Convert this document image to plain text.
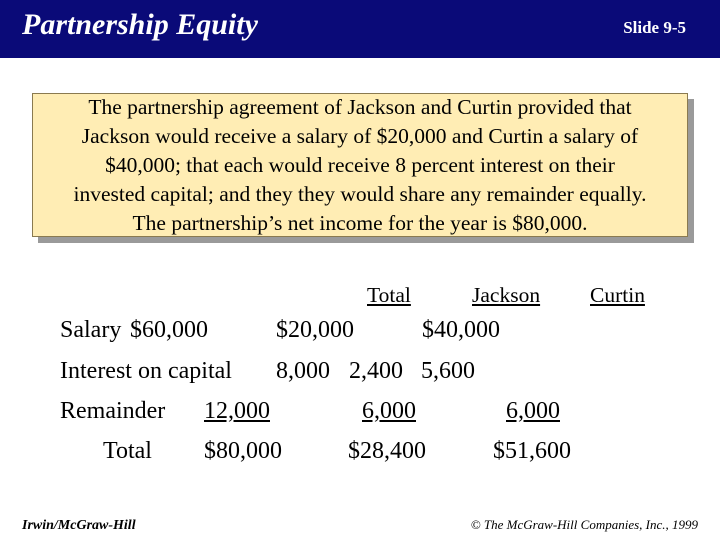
Partnership Equity	Slide 9-5
The partnership agreement of Jackson and Curtin provided that
Jackson would receive a salary of $20,000 and Curtin a salary of
$40,000; that each would receive 8 percent interest on their
invested capital; and they they would share any remainder equally.
The partnership’s net income for the year is $80,000.
Total	Jackson Curtin
Salary $60,000	$20,000	$40,000
Interest on capital 8,000 2,400 5,600
Remainder 12,000	6,000	6,000
Total $80,000	$28,400	$51,600
Irwin/McGraw-Hill	© The McGraw-Hill Companies, Inc., 1999
